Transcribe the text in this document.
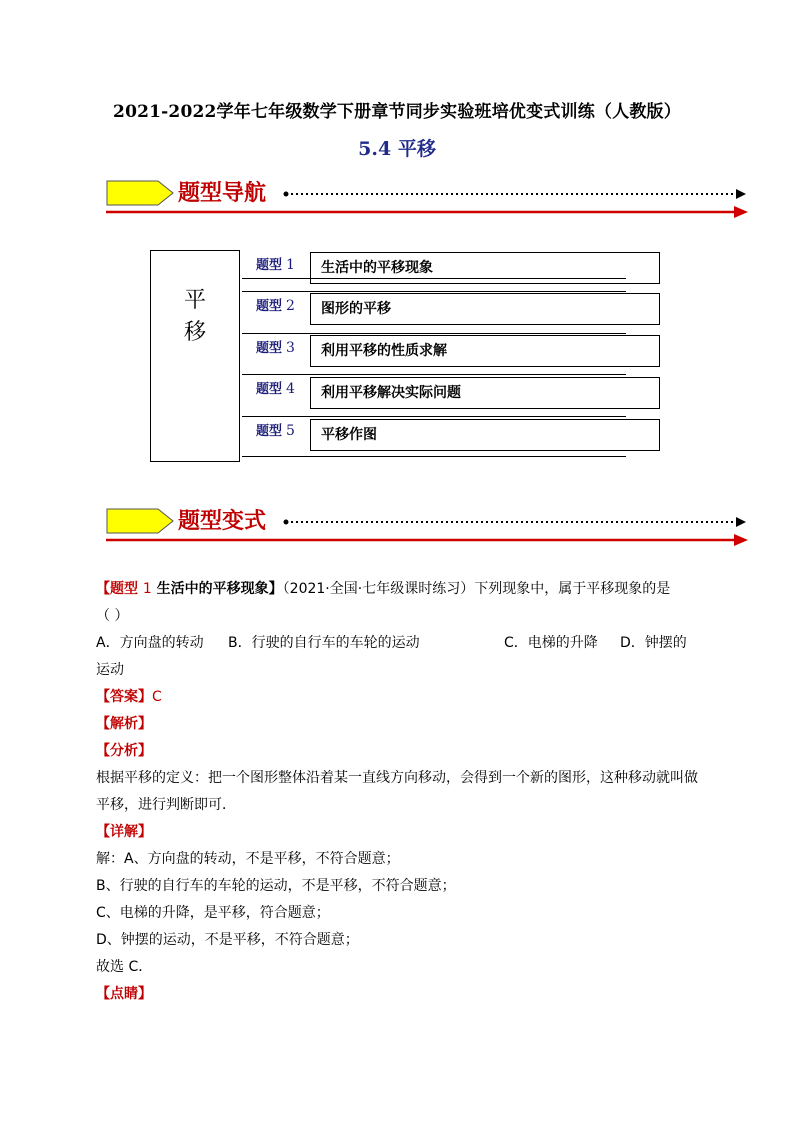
2021-2022学年七年级数学下册章节同步实验班培优变式训练（人教版）
5.4 平移
题型导航
平
移
题型 1	生活中的平移现象
题型 2	图形的平移
题型 3	利用平移的性质求解
题型 4	利用平移解决实际问题
题型 5	平移作图
题型变式

【题型 1 生活中的平移现象】（2021·全国·七年级课时练习）下列现象中，属于平移现象的是

（ ）

A．方向盘的转动 B．行驶的自行车的车轮的运动	C．电梯的升降 D．钟摆的

运动

【答案】C

【解析】

【分析】

根据平移的定义：把一个图形整体沿着某一直线方向移动，会得到一个新的图形，这种移动就叫做

平移，进行判断即可．

【详解】

解：A、方向盘的转动，不是平移，不符合题意；

B、行驶的自行车的车轮的运动，不是平移，不符合题意；

C、电梯的升降，是平移，符合题意；

D、钟摆的运动，不是平移，不符合题意；

故选 C．

【点睛】
